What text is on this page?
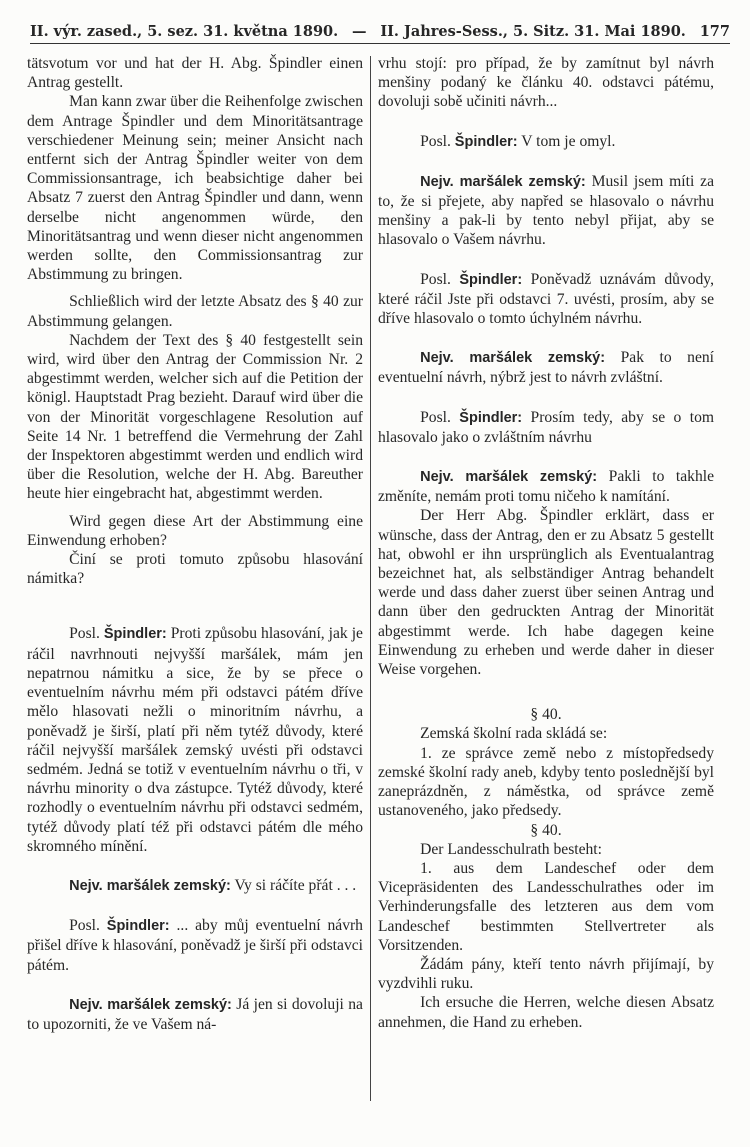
II. výr. zased., 5. sez. 31. května 1890. — II. Jahres-Sess., 5. Sitz. 31. Mai 1890. 177

tätsvotum vor und hat der H. Abg. Špindler einen Antrag gestellt.

Man kann zwar über die Reihenfolge zwischen dem Antrage Špindler und dem Minoritätsantrage verschiedener Meinung sein; meiner Ansicht nach entfernt sich der Antrag Špindler weiter von dem Commissionsantrage, ich beabsichtige daher bei Absatz 7 zuerst den Antrag Špindler und dann, wenn derselbe nicht angenommen würde, den Minoritätsantrag und wenn dieser nicht angenommen werden sollte, den Commissionsantrag zur Abstimmung zu bringen.

Schließlich wird der letzte Absatz des § 40 zur Abstimmung gelangen.

Nachdem der Text des § 40 festgestellt sein wird, wird über den Antrag der Commission Nr. 2 abgestimmt werden, welcher sich auf die Petition der königl. Hauptstadt Prag bezieht. Darauf wird über die von der Minorität vorgeschlagene Resolution auf Seite 14 Nr. 1 betreffend die Vermehrung der Zahl der Inspektoren abgestimmt werden und endlich wird über die Resolution, welche der H. Abg. Bareuther heute hier eingebracht hat, abgestimmt werden.

Wird gegen diese Art der Abstimmung eine Einwendung erhoben?

Činí se proti tomuto způsobu hlasování námitka?

Posl. Špindler: Proti způsobu hlasování, jak je ráčil navrhnouti nejvyšší maršálek, mám jen nepatrnou námitku a sice, že by se přece o eventuelním návrhu mém při odstavci pátém dříve mělo hlasovati nežli o minoritním návrhu, a poněvadž je širší, platí při něm tytéž důvody, které ráčil nejvyšší maršálek zemský uvésti při odstavci sedmém. Jedná se totiž v eventuelním návrhu o tři, v návrhu minority o dva zástupce. Tytéž důvody, které rozhodly o eventuelním návrhu při odstavci sedmém, tytéž důvody platí též při odstavci pátém dle mého skromného mínění.

Nejv. maršálek zemský: Vy si ráčíte přát . . .

Posl. Špindler: ... aby můj eventuelní návrh přišel dříve k hlasování, poněvadž je širší při odstavci pátém.

Nejv. maršálek zemský: Já jen si dovoluji na to upozorniti, že ve Vašem ná-

vrhu stojí: pro případ, že by zamítnut byl návrh menšiny podaný ke článku 40. odstavci pátému, dovoluji sobě učiniti návrh...

Posl. Špindler: V tom je omyl.

Nejv. maršálek zemský: Musil jsem míti za to, že si přejete, aby napřed se hlasovalo o návrhu menšiny a pak-li by tento nebyl přijat, aby se hlasovalo o Vašem návrhu.

Posl. Špindler: Poněvadž uznávám důvody, které ráčil Jste při odstavci 7. uvésti, prosím, aby se dříve hlasovalo o tomto úchylném návrhu.

Nejv. maršálek zemský: Pak to není eventuelní návrh, nýbrž jest to návrh zvláštní.

Posl. Špindler: Prosím tedy, aby se o tom hlasovalo jako o zvláštním návrhu

Nejv. maršálek zemský: Pakli to takhle změníte, nemám proti tomu ničeho k namítání.

Der Herr Abg. Špindler erklärt, dass er wünsche, dass der Antrag, den er zu Absatz 5 gestellt hat, obwohl er ihn ursprünglich als Eventualantrag bezeichnet hat, als selbständiger Antrag behandelt werde und dass daher zuerst über seinen Antrag und dann über den gedruckten Antrag der Minorität abgestimmt werde. Ich habe dagegen keine Einwendung zu erheben und werde daher in dieser Weise vorgehen.

§ 40.

Zemská školní rada skládá se:

1. ze správce země nebo z místopředsedy zemské školní rady aneb, kdyby tento poslednější byl zaneprázdněn, z náměstka, od správce země ustanoveného, jako předsedy.

§ 40.

Der Landesschulrath besteht:

1. aus dem Landeschef oder dem Vicepräsidenten des Landesschulrathes oder im Verhinderungsfalle des letzteren aus dem vom Landeschef bestimmten Stellvertreter als Vorsitzenden.

Žádám pány, kteří tento návrh přijímají, by vyzdvihli ruku.

Ich ersuche die Herren, welche diesen Absatz annehmen, die Hand zu erheben.
